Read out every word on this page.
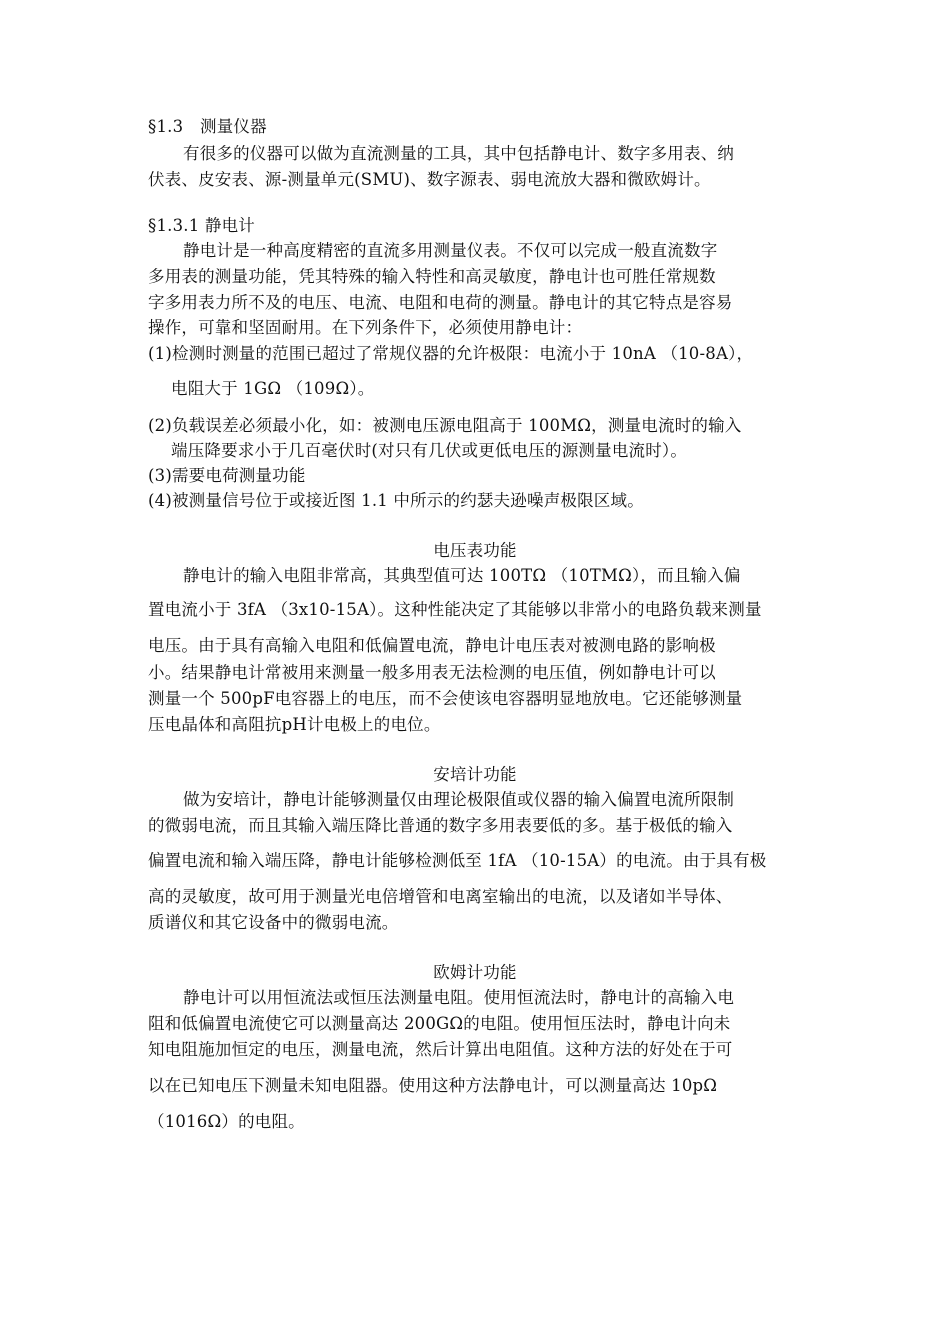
§1.3　测量仪器
有很多的仪器可以做为直流测量的工具，其中包括静电计、数字多用表、纳
伏表、皮安表、源-测量单元(SMU)、数字源表、弱电流放大器和微欧姆计。
§1.3.1 静电计
静电计是一种高度精密的直流多用测量仪表。不仅可以完成一般直流数字
多用表的测量功能，凭其特殊的输入特性和高灵敏度，静电计也可胜任常规数
字多用表力所不及的电压、电流、电阻和电荷的测量。静电计的其它特点是容易
操作，可靠和坚固耐用。在下列条件下，必须使用静电计：
(1)检测时测量的范围已超过了常规仪器的允许极限：电流小于 10nA （10-8A），
电阻大于 1GΩ （109Ω）。
(2)负载误差必须最小化，如：被测电压源电阻高于 100MΩ，测量电流时的输入
端压降要求小于几百毫伏时(对只有几伏或更低电压的源测量电流时）。
(3)需要电荷测量功能
(4)被测量信号位于或接近图 1.1 中所示的约瑟夫逊噪声极限区域。
电压表功能
静电计的输入电阻非常高，其典型值可达 100TΩ （10TMΩ），而且输入偏
置电流小于 3fA （3x10-15A）。这种性能决定了其能够以非常小的电路负载来测量
电压。由于具有高输入电阻和低偏置电流，静电计电压表对被测电路的影响极
小。结果静电计常被用来测量一般多用表无法检测的电压值，例如静电计可以
测量一个 500pF电容器上的电压，而不会使该电容器明显地放电。它还能够测量
压电晶体和高阻抗pH计电极上的电位。
安培计功能
做为安培计，静电计能够测量仅由理论极限值或仪器的输入偏置电流所限制
的微弱电流，而且其输入端压降比普通的数字多用表要低的多。基于极低的输入
偏置电流和输入端压降，静电计能够检测低至 1fA （10-15A）的电流。由于具有极
高的灵敏度，故可用于测量光电倍增管和电离室输出的电流，以及诸如半导体、
质谱仪和其它设备中的微弱电流。
欧姆计功能
静电计可以用恒流法或恒压法测量电阻。使用恒流法时，静电计的高输入电
阻和低偏置电流使它可以测量高达 200GΩ的电阻。使用恒压法时，静电计向未
知电阻施加恒定的电压，测量电流，然后计算出电阻值。这种方法的好处在于可
以在已知电压下测量未知电阻器。使用这种方法静电计，可以测量高达 10pΩ
（1016Ω）的电阻。
